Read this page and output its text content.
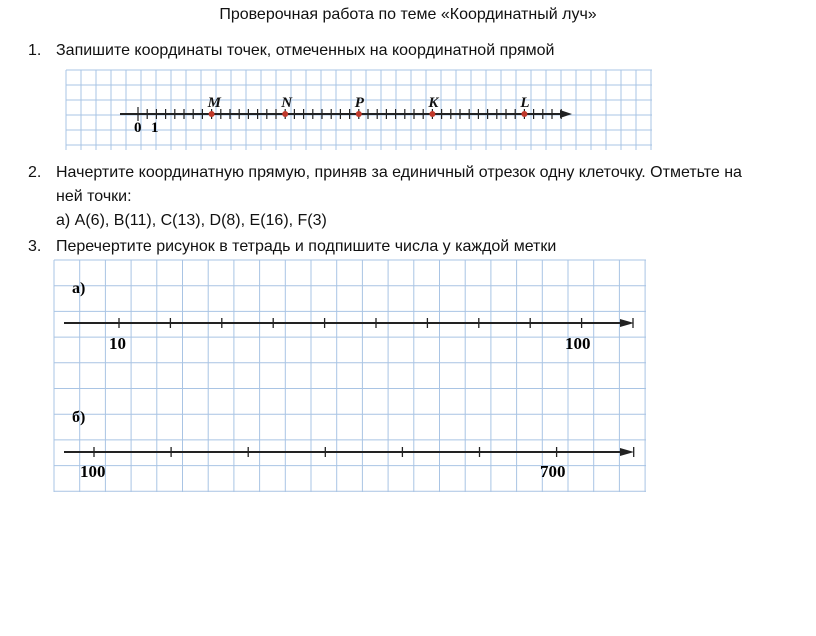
Проверочная работа по теме «Координатный луч»
1. Запишите координаты точек, отмеченных на координатной прямой
2. Начертите координатную прямую, приняв за единичный отрезок одну клеточку. Отметьте на
ней точки:
а) A(6), B(11), C(13), D(8), E(16), F(3)
3. Перечертите рисунок в тетрадь и подпишите числа у каждой метки
0 1
M	N	P	K	L
а)
10	100
б)
100	700
